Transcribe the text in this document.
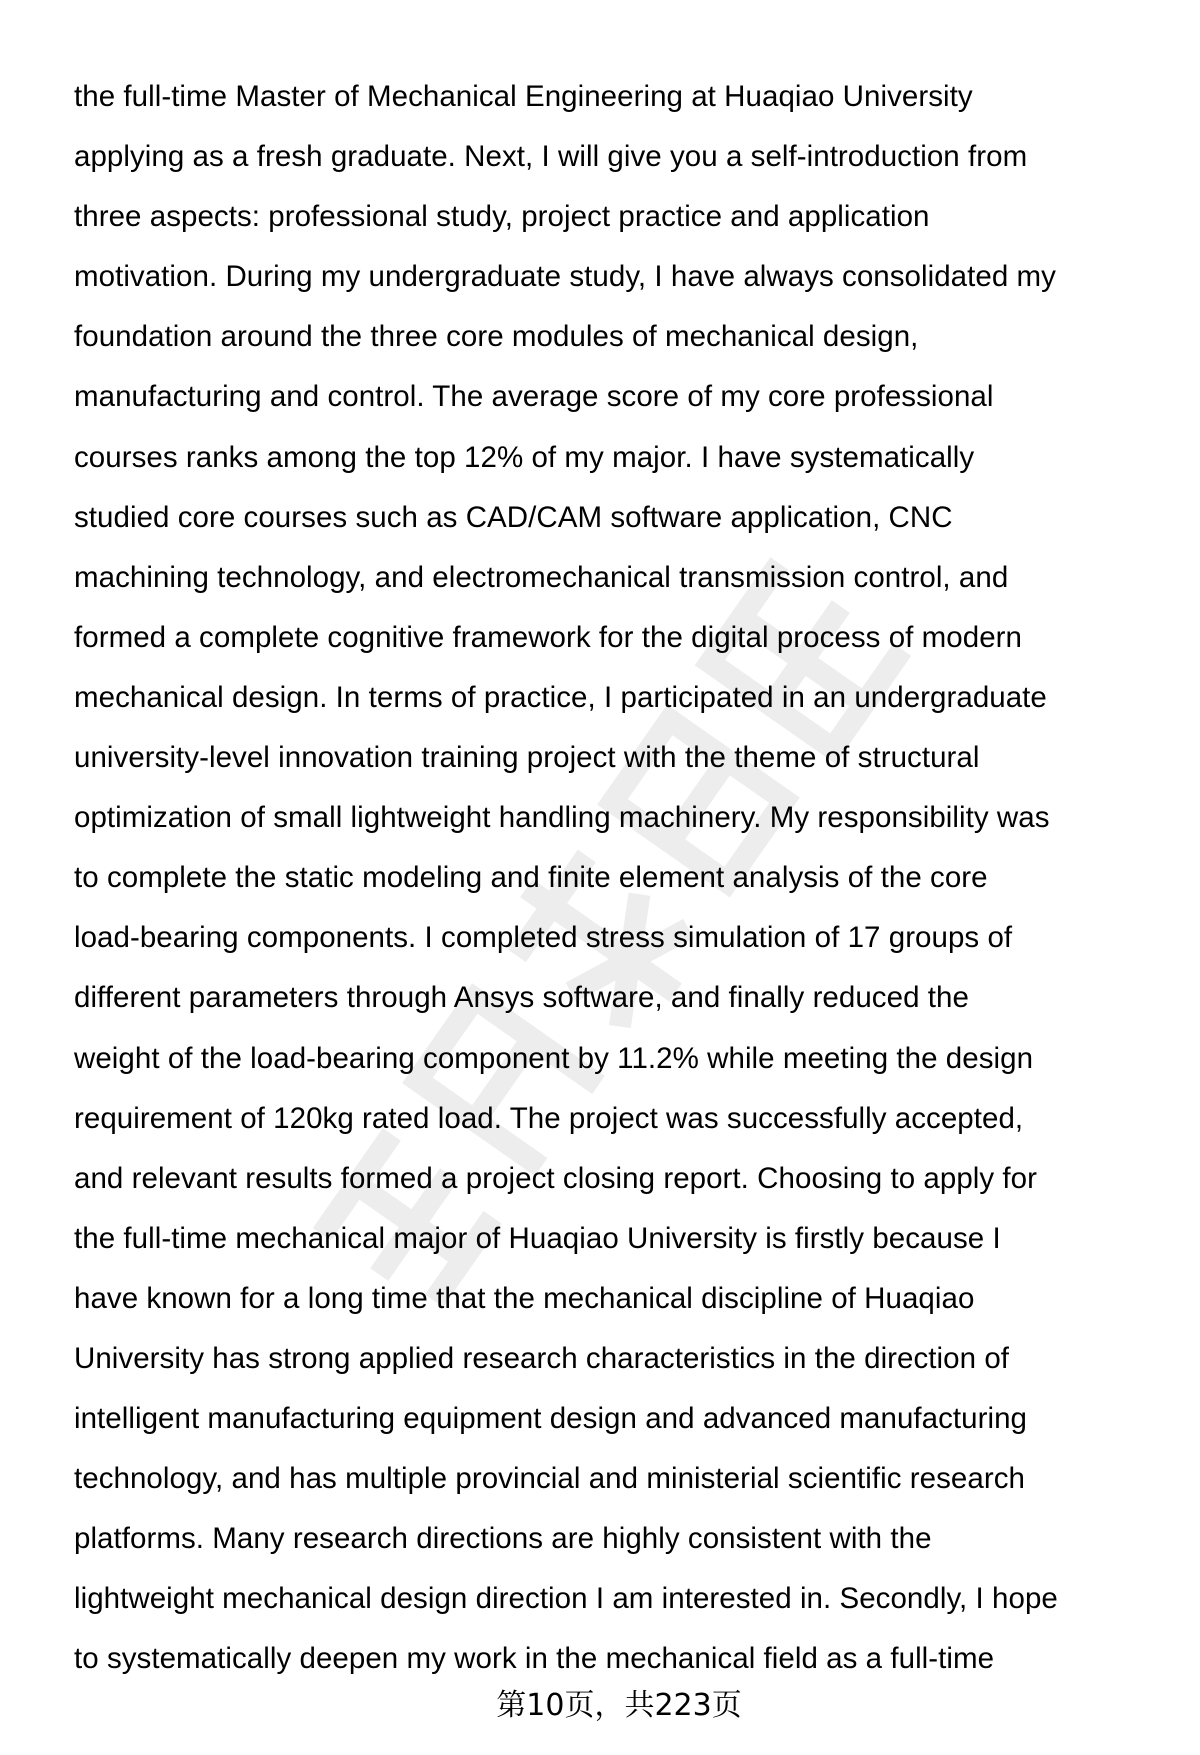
the full-time Master of Mechanical Engineering at Huaqiao University
applying as a fresh graduate. Next, I will give you a self-introduction from
three aspects: professional study, project practice and application
motivation. During my undergraduate study, I have always consolidated my
foundation around the three core modules of mechanical design,
manufacturing and control. The average score of my core professional
courses ranks among the top 12% of my major. I have systematically
studied core courses such as CAD/CAM software application, CNC
machining technology, and electromechanical transmission control, and
formed a complete cognitive framework for the digital process of modern
mechanical design. In terms of practice, I participated in an undergraduate
university-level innovation training project with the theme of structural
optimization of small lightweight handling machinery. My responsibility was
to complete the static modeling and finite element analysis of the core
load-bearing components. I completed stress simulation of 17 groups of
different parameters through Ansys software, and finally reduced the
weight of the load-bearing component by 11.2% while meeting the design
requirement of 120kg rated load. The project was successfully accepted,
and relevant results formed a project closing report. Choosing to apply for
the full-time mechanical major of Huaqiao University is firstly because I
have known for a long time that the mechanical discipline of Huaqiao
University has strong applied research characteristics in the direction of
intelligent manufacturing equipment design and advanced manufacturing
technology, and has multiple provincial and ministerial scientific research
platforms. Many research directions are highly consistent with the
lightweight mechanical design direction I am interested in. Secondly, I hope
to systematically deepen my work in the mechanical field as a full-time
第10页，共223页
